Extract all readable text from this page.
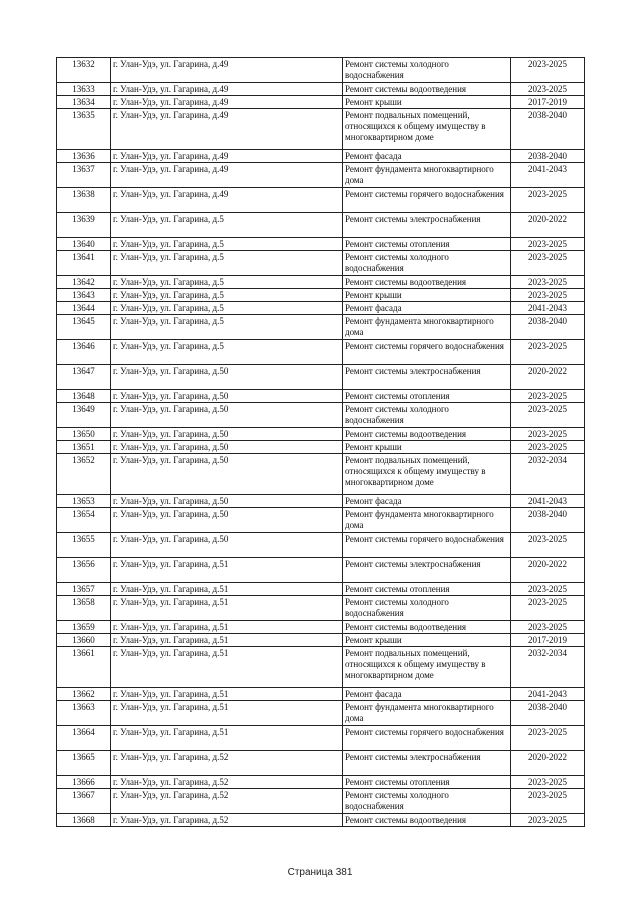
13632	г. Улан-Удэ, ул. Гагарина, д.49	Ремонт системы холодного водоснабжения	2023-2025
13633	г. Улан-Удэ, ул. Гагарина, д.49	Ремонт системы водоотведения	2023-2025
13634	г. Улан-Удэ, ул. Гагарина, д.49	Ремонт крыши	2017-2019
13635	г. Улан-Удэ, ул. Гагарина, д.49	Ремонт подвальных помещений, относящихся к общему имуществу в многоквартирном доме	2038-2040
13636	г. Улан-Удэ, ул. Гагарина, д.49	Ремонт фасада	2038-2040
13637	г. Улан-Удэ, ул. Гагарина, д.49	Ремонт фундамента многоквартирного дома	2041-2043
13638	г. Улан-Удэ, ул. Гагарина, д.49	Ремонт системы горячего водоснабжения	2023-2025
13639	г. Улан-Удэ, ул. Гагарина, д.5	Ремонт системы электроснабжения	2020-2022
13640	г. Улан-Удэ, ул. Гагарина, д.5	Ремонт системы отопления	2023-2025
13641	г. Улан-Удэ, ул. Гагарина, д.5	Ремонт системы холодного водоснабжения	2023-2025
13642	г. Улан-Удэ, ул. Гагарина, д.5	Ремонт системы водоотведения	2023-2025
13643	г. Улан-Удэ, ул. Гагарина, д.5	Ремонт крыши	2023-2025
13644	г. Улан-Удэ, ул. Гагарина, д.5	Ремонт фасада	2041-2043
13645	г. Улан-Удэ, ул. Гагарина, д.5	Ремонт фундамента многоквартирного дома	2038-2040
13646	г. Улан-Удэ, ул. Гагарина, д.5	Ремонт системы горячего водоснабжения	2023-2025
13647	г. Улан-Удэ, ул. Гагарина, д.50	Ремонт системы электроснабжения	2020-2022
13648	г. Улан-Удэ, ул. Гагарина, д.50	Ремонт системы отопления	2023-2025
13649	г. Улан-Удэ, ул. Гагарина, д.50	Ремонт системы холодного водоснабжения	2023-2025
13650	г. Улан-Удэ, ул. Гагарина, д.50	Ремонт системы водоотведения	2023-2025
13651	г. Улан-Удэ, ул. Гагарина, д.50	Ремонт крыши	2023-2025
13652	г. Улан-Удэ, ул. Гагарина, д.50	Ремонт подвальных помещений, относящихся к общему имуществу в многоквартирном доме	2032-2034
13653	г. Улан-Удэ, ул. Гагарина, д.50	Ремонт фасада	2041-2043
13654	г. Улан-Удэ, ул. Гагарина, д.50	Ремонт фундамента многоквартирного дома	2038-2040
13655	г. Улан-Удэ, ул. Гагарина, д.50	Ремонт системы горячего водоснабжения	2023-2025
13656	г. Улан-Удэ, ул. Гагарина, д.51	Ремонт системы электроснабжения	2020-2022
13657	г. Улан-Удэ, ул. Гагарина, д.51	Ремонт системы отопления	2023-2025
13658	г. Улан-Удэ, ул. Гагарина, д.51	Ремонт системы холодного водоснабжения	2023-2025
13659	г. Улан-Удэ, ул. Гагарина, д.51	Ремонт системы водоотведения	2023-2025
13660	г. Улан-Удэ, ул. Гагарина, д.51	Ремонт крыши	2017-2019
13661	г. Улан-Удэ, ул. Гагарина, д.51	Ремонт подвальных помещений, относящихся к общему имуществу в многоквартирном доме	2032-2034
13662	г. Улан-Удэ, ул. Гагарина, д.51	Ремонт фасада	2041-2043
13663	г. Улан-Удэ, ул. Гагарина, д.51	Ремонт фундамента многоквартирного дома	2038-2040
13664	г. Улан-Удэ, ул. Гагарина, д.51	Ремонт системы горячего водоснабжения	2023-2025
13665	г. Улан-Удэ, ул. Гагарина, д.52	Ремонт системы электроснабжения	2020-2022
13666	г. Улан-Удэ, ул. Гагарина, д.52	Ремонт системы отопления	2023-2025
13667	г. Улан-Удэ, ул. Гагарина, д.52	Ремонт системы холодного водоснабжения	2023-2025
13668	г. Улан-Удэ, ул. Гагарина, д.52	Ремонт системы водоотведения	2023-2025
Страница 381
